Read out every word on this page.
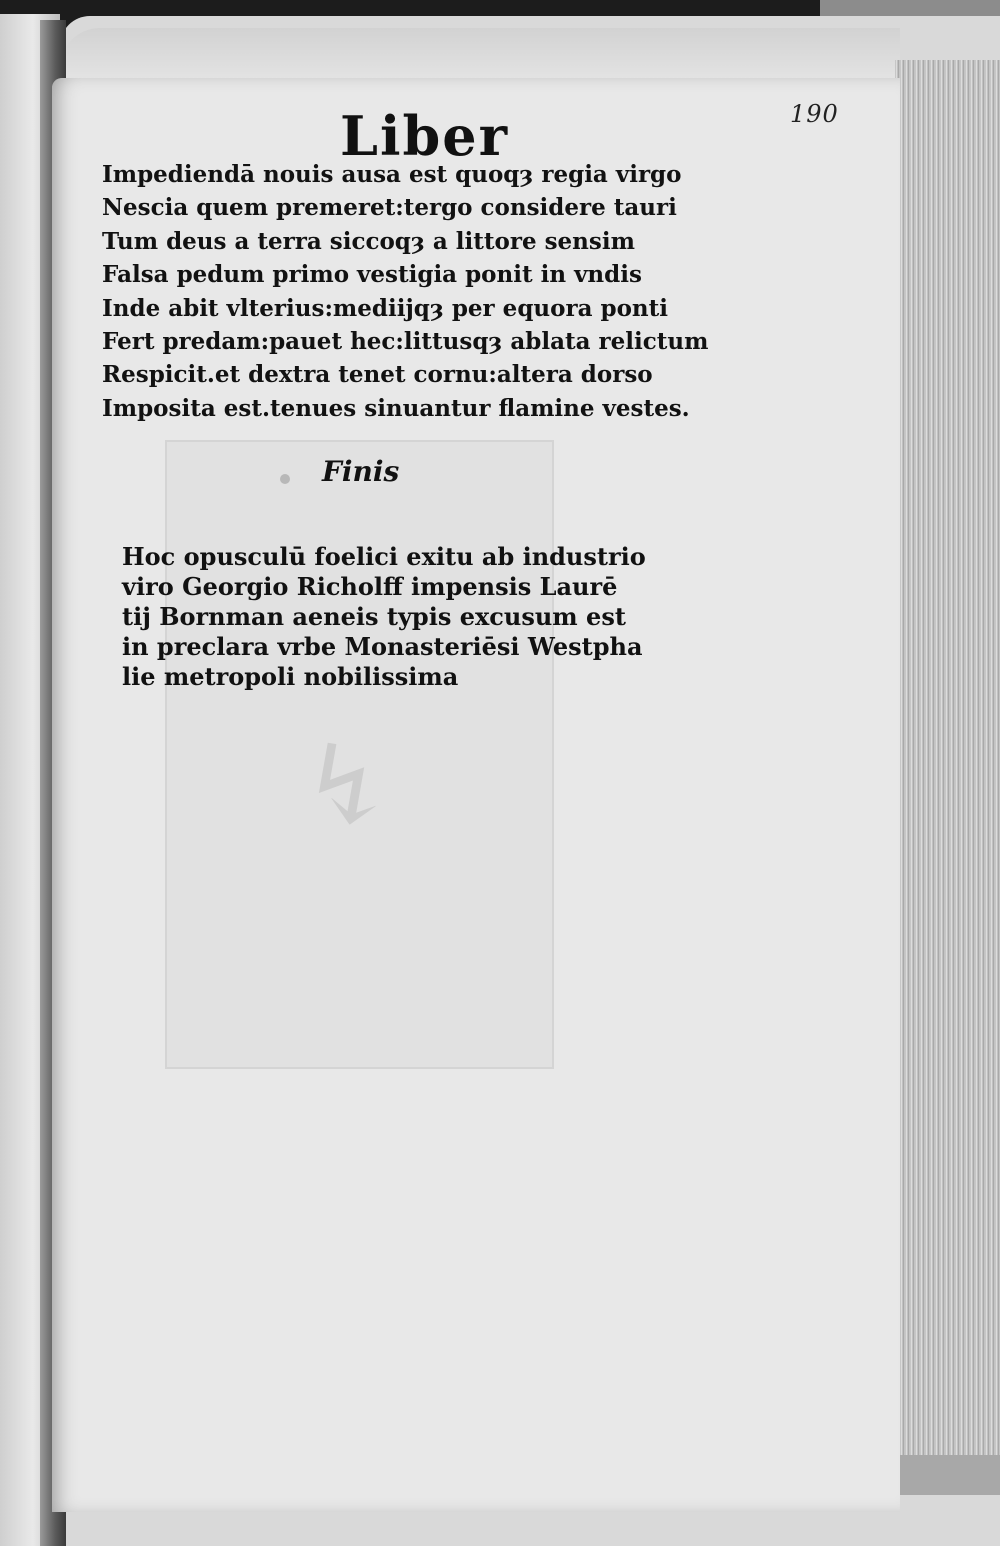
↯
190
Liber
Impediendā nouis ausa est quoqȝ regia virgo
Nescia quem premeret:tergo considere tauri
Tum deus a terra siccoqȝ a littore sensim
Falsa pedum primo vestigia ponit in vndis
Inde abit vlterius:mediijqȝ per equora ponti
Fert predam:pauet hec:littusqȝ ablata relictum
Respicit.et dextra tenet cornu:altera dorso
Imposita est.tenues sinuantur flamine vestes.
Finis
Hoc opusculū foelici exitu ab industrio
viro Georgio Richolff impensis Laurē
tij Bornman aeneis typis excusum est
in preclara vrbe Monasteriēsi Westpha
lie metropoli nobilissima
